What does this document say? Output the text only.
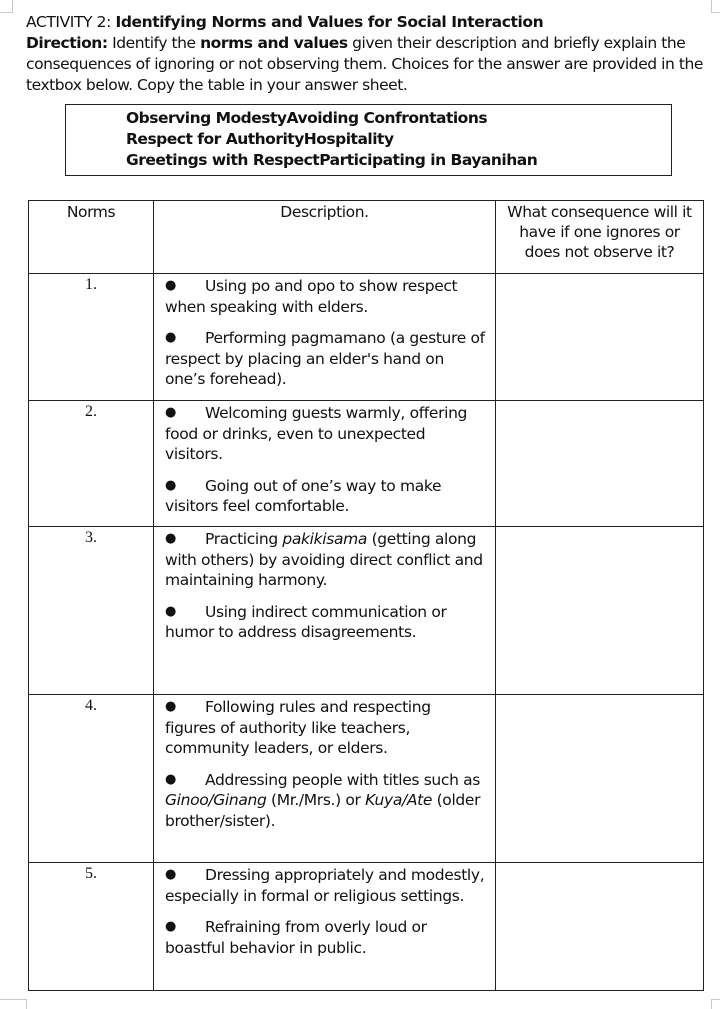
ACTIVITY 2: Identifying Norms and Values for Social Interaction
Direction: Identify the norms and values given their description and briefly explain the consequences of ignoring or not observing them. Choices for the answer are provided in the textbox below. Copy the table in your answer sheet.
Observing ModestyAvoiding Confrontations
Respect for AuthorityHospitality
Greetings with RespectParticipating in Bayanihan
Norms	Description.	What consequence will it have if one ignores or does not observe it?
1.	● Using po and opo to show respect when speaking with elders.
● Performing pagmamano (a gesture of respect by placing an elder's hand on one’s forehead).	

2.	● Welcoming guests warmly, offering food or drinks, even to unexpected visitors.
● Going out of one’s way to make visitors feel comfortable.	

3.	● Practicing pakikisama (getting along with others) by avoiding direct conflict and maintaining harmony.
● Using indirect communication or humor to address disagreements.	

4.	● Following rules and respecting figures of authority like teachers, community leaders, or elders.
● Addressing people with titles such as Ginoo/Ginang (Mr./Mrs.) or Kuya/Ate (older brother/sister).	

5.	● Dressing appropriately and modestly, especially in formal or religious settings.
● Refraining from overly loud or boastful behavior in public.	
